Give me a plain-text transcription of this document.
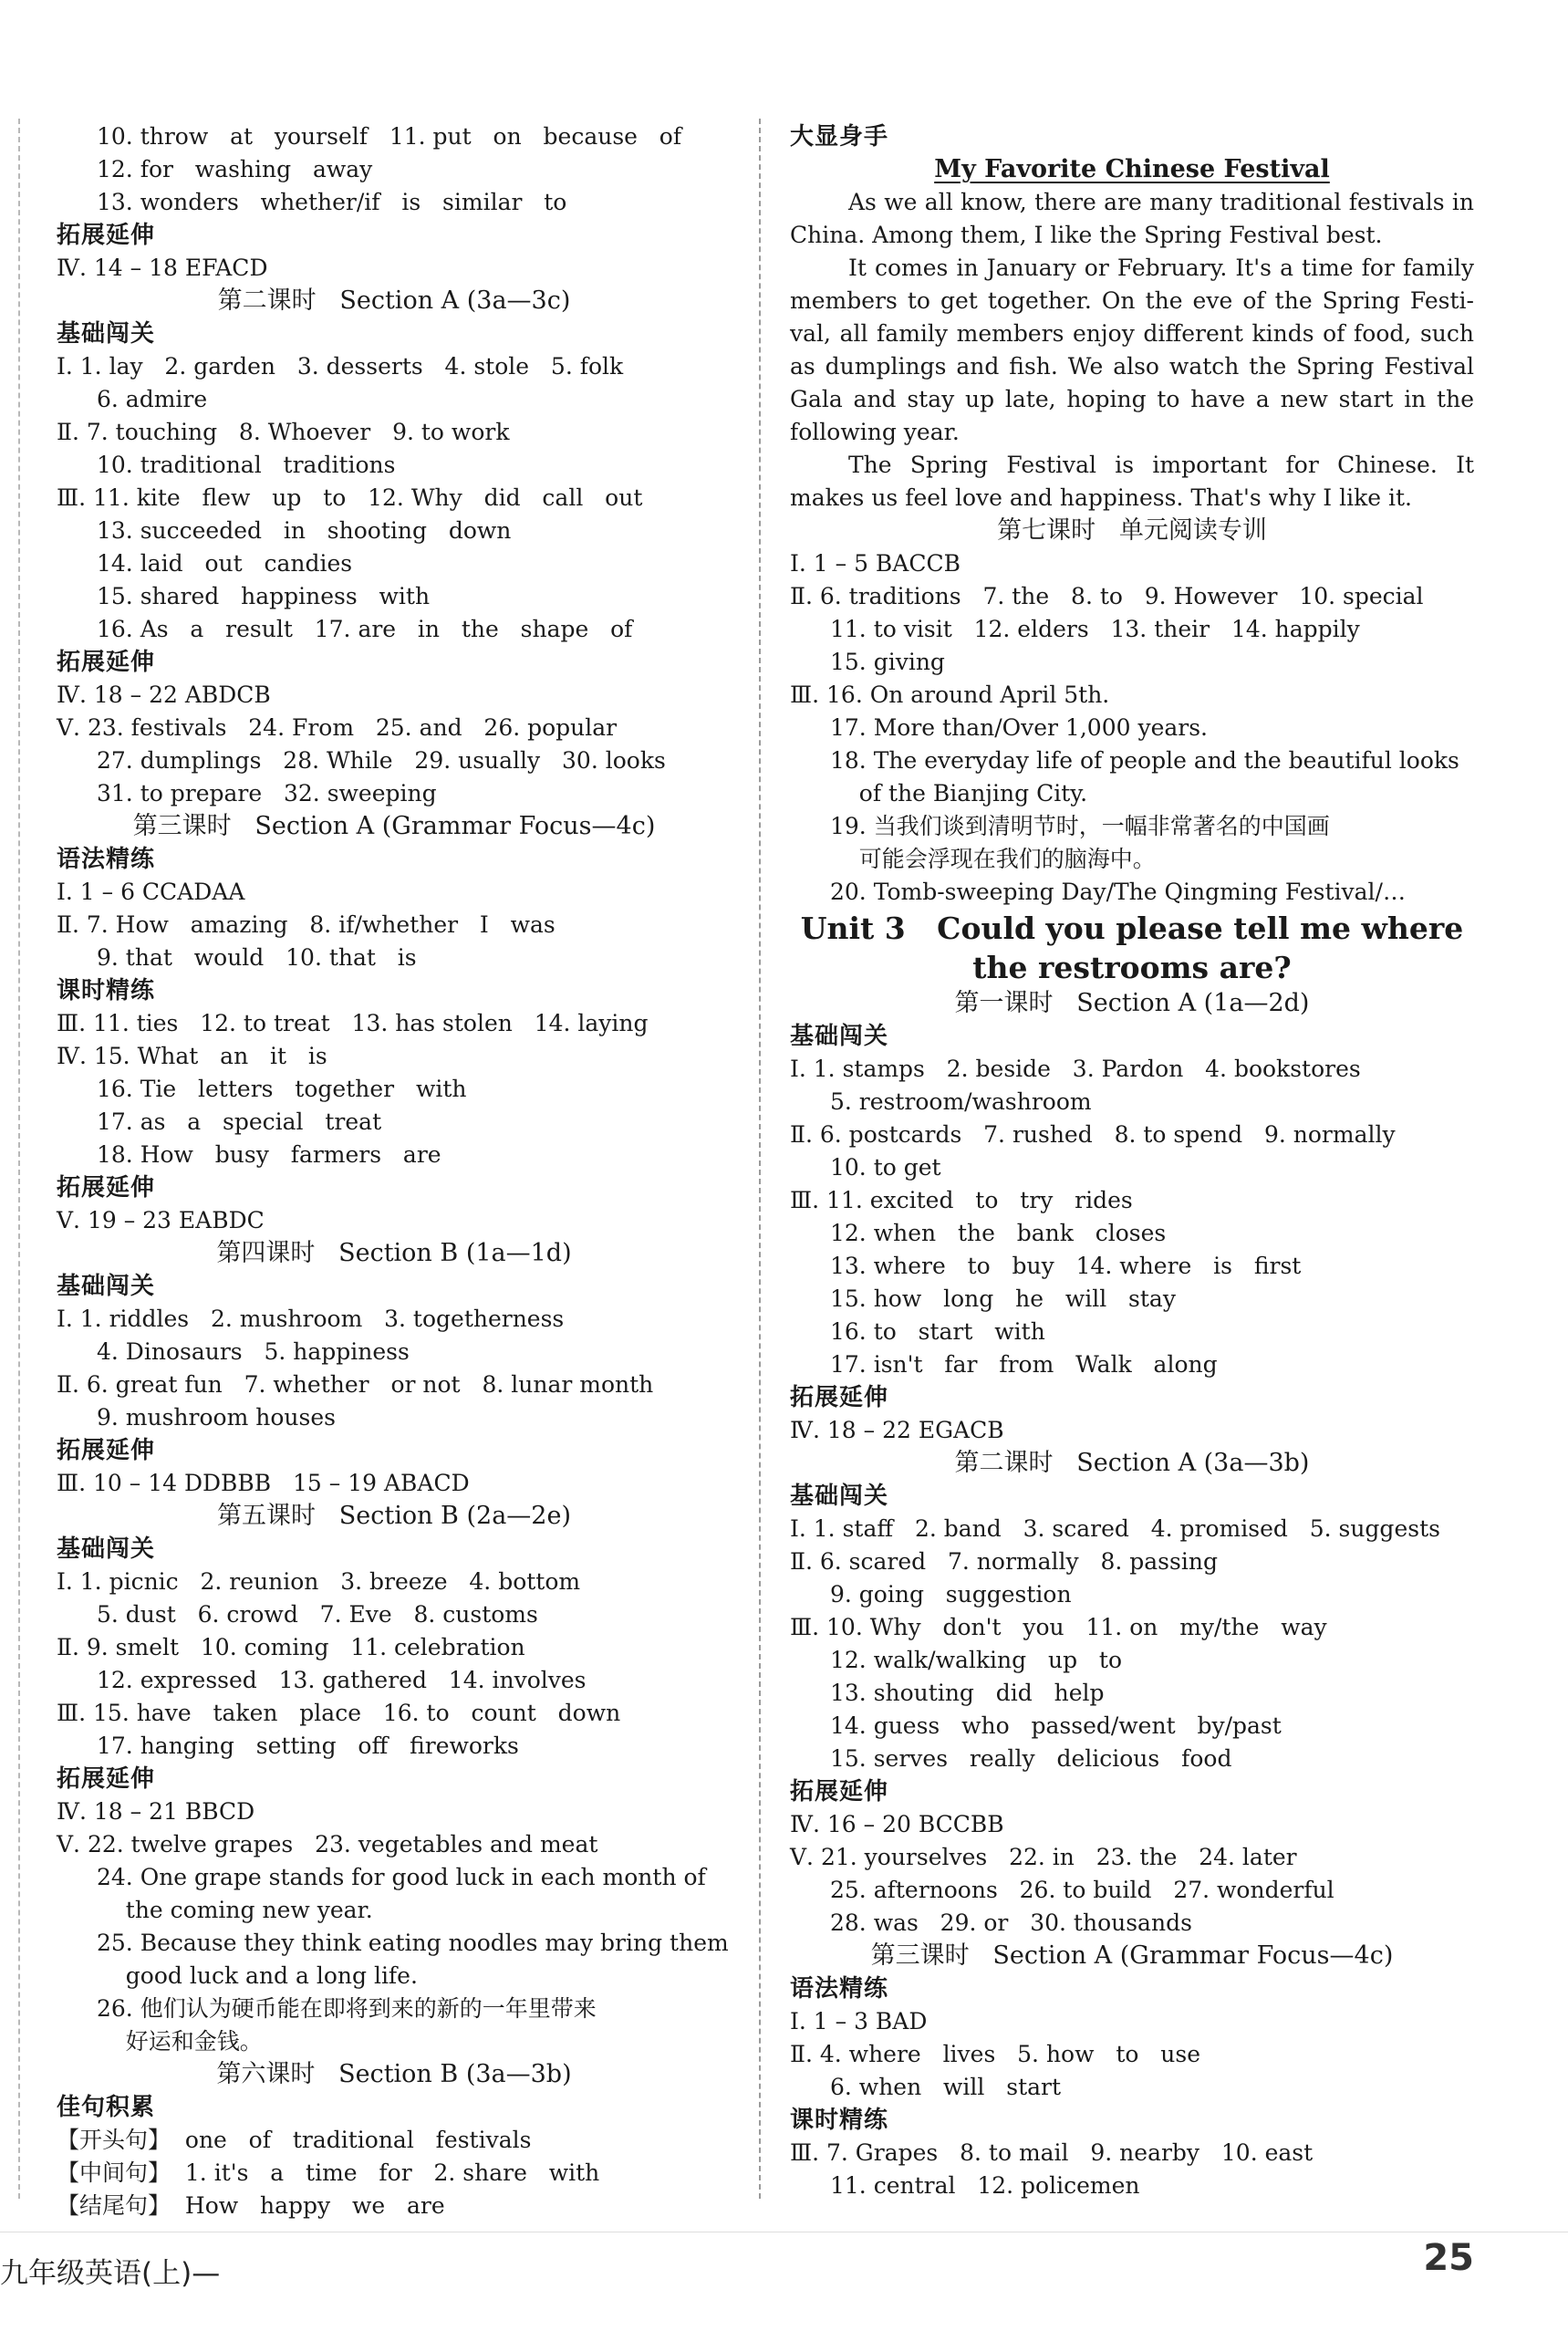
10. throw   at   yourself   11. put   on   because   of
12. for   washing   away
13. wonders   whether/if   is   similar   to
拓展延伸
Ⅳ. 14 – 18 EFACD
第二课时   Section A (3a—3c)
基础闯关
Ⅰ. 1. lay   2. garden   3. desserts   4. stole   5. folk
6. admire
Ⅱ. 7. touching   8. Whoever   9. to work
10. traditional   traditions
Ⅲ. 11. kite   flew   up   to   12. Why   did   call   out
13. succeeded   in   shooting   down
14. laid   out   candies
15. shared   happiness   with
16. As   a   result   17. are   in   the   shape   of
拓展延伸
Ⅳ. 18 – 22 ABDCB
Ⅴ. 23. festivals   24. From   25. and   26. popular
27. dumplings   28. While   29. usually   30. looks
31. to prepare   32. sweeping
第三课时   Section A (Grammar Focus—4c)
语法精练
Ⅰ. 1 – 6 CCADAA
Ⅱ. 7. How   amazing   8. if/whether   I   was
9. that   would   10. that   is
课时精练
Ⅲ. 11. ties   12. to treat   13. has stolen   14. laying
Ⅳ. 15. What   an   it   is
16. Tie   letters   together   with
17. as   a   special   treat
18. How   busy   farmers   are
拓展延伸
Ⅴ. 19 – 23 EABDC
第四课时   Section B (1a—1d)
基础闯关
Ⅰ. 1. riddles   2. mushroom   3. togetherness
4. Dinosaurs   5. happiness
Ⅱ. 6. great fun   7. whether   or not   8. lunar month
9. mushroom houses
拓展延伸
Ⅲ. 10 – 14 DDBBB   15 – 19 ABACD
第五课时   Section B (2a—2e)
基础闯关
Ⅰ. 1. picnic   2. reunion   3. breeze   4. bottom
5. dust   6. crowd   7. Eve   8. customs
Ⅱ. 9. smelt   10. coming   11. celebration
12. expressed   13. gathered   14. involves
Ⅲ. 15. have   taken   place   16. to   count   down
17. hanging   setting   off   fireworks
拓展延伸
Ⅳ. 18 – 21 BBCD
Ⅴ. 22. twelve grapes   23. vegetables and meat
24. One grape stands for good luck in each month of
the coming new year.
25. Because they think eating noodles may bring them
good luck and a long life.
26. 他们认为硬币能在即将到来的新的一年里带来
好运和金钱。
第六课时   Section B (3a—3b)
佳句积累
【开头句】  one   of   traditional   festivals
【中间句】  1. it's   a   time   for   2. share   with
【结尾句】  How   happy   we   are
大显身手
My Favorite Chinese Festival
As we all know, there are many traditional festivals in
China. Among them, I like the Spring Festival best.
It comes in January or February. It's a time for family
members to get together. On the eve of the Spring Festi-
val, all family members enjoy different kinds of food, such
as dumplings and fish. We also watch the Spring Festival
Gala and stay up late, hoping to have a new start in the
following year.
The Spring Festival is important for Chinese. It
makes us feel love and happiness. That's why I like it.
第七课时   单元阅读专训
Ⅰ. 1 – 5 BACCB
Ⅱ. 6. traditions   7. the   8. to   9. However   10. special
11. to visit   12. elders   13. their   14. happily
15. giving
Ⅲ. 16. On around April 5th.
17. More than/Over 1,000 years.
18. The everyday life of people and the beautiful looks
of the Bianjing City.
19. 当我们谈到清明节时，一幅非常著名的中国画
可能会浮现在我们的脑海中。
20. Tomb-sweeping Day/The Qingming Festival/…
Unit 3   Could you please tell me where
the restrooms are?
第一课时   Section A (1a—2d)
基础闯关
Ⅰ. 1. stamps   2. beside   3. Pardon   4. bookstores
5. restroom/washroom
Ⅱ. 6. postcards   7. rushed   8. to spend   9. normally
10. to get
Ⅲ. 11. excited   to   try   rides
12. when   the   bank   closes
13. where   to   buy   14. where   is   first
15. how   long   he   will   stay
16. to   start   with
17. isn't   far   from   Walk   along
拓展延伸
Ⅳ. 18 – 22 EGACB
第二课时   Section A (3a—3b)
基础闯关
Ⅰ. 1. staff   2. band   3. scared   4. promised   5. suggests
Ⅱ. 6. scared   7. normally   8. passing
9. going   suggestion
Ⅲ. 10. Why   don't   you   11. on   my/the   way
12. walk/walking   up   to
13. shouting   did   help
14. guess   who   passed/went   by/past
15. serves   really   delicious   food
拓展延伸
Ⅳ. 16 – 20 BCCBB
Ⅴ. 21. yourselves   22. in   23. the   24. later
25. afternoons   26. to build   27. wonderful
28. was   29. or   30. thousands
第三课时   Section A (Grammar Focus—4c)
语法精练
Ⅰ. 1 – 3 BAD
Ⅱ. 4. where   lives   5. how   to   use
6. when   will   start
课时精练
Ⅲ. 7. Grapes   8. to mail   9. nearby   10. east
11. central   12. policemen
九年级英语(上)—	25
